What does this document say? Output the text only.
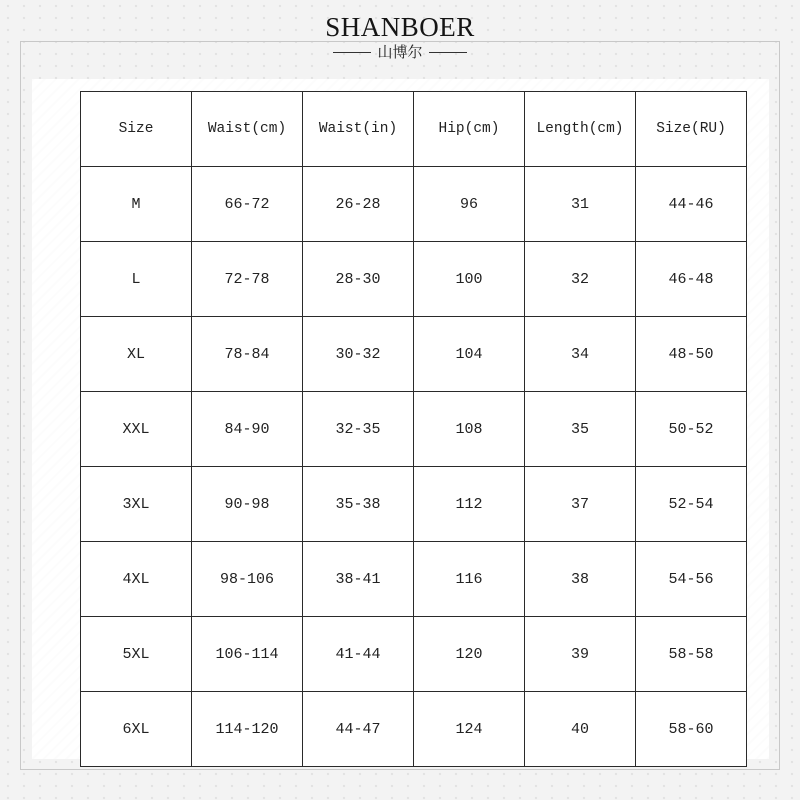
SHANBOER
山博尔
Size	Waist(cm)	Waist(in)	Hip(cm)	Length(cm)	Size(RU)
M	66-72	26-28	96	31	44-46
L	72-78	28-30	100	32	46-48
XL	78-84	30-32	104	34	48-50
XXL	84-90	32-35	108	35	50-52
3XL	90-98	35-38	112	37	52-54
4XL	98-106	38-41	116	38	54-56
5XL	106-114	41-44	120	39	58-58
6XL	114-120	44-47	124	40	58-60
